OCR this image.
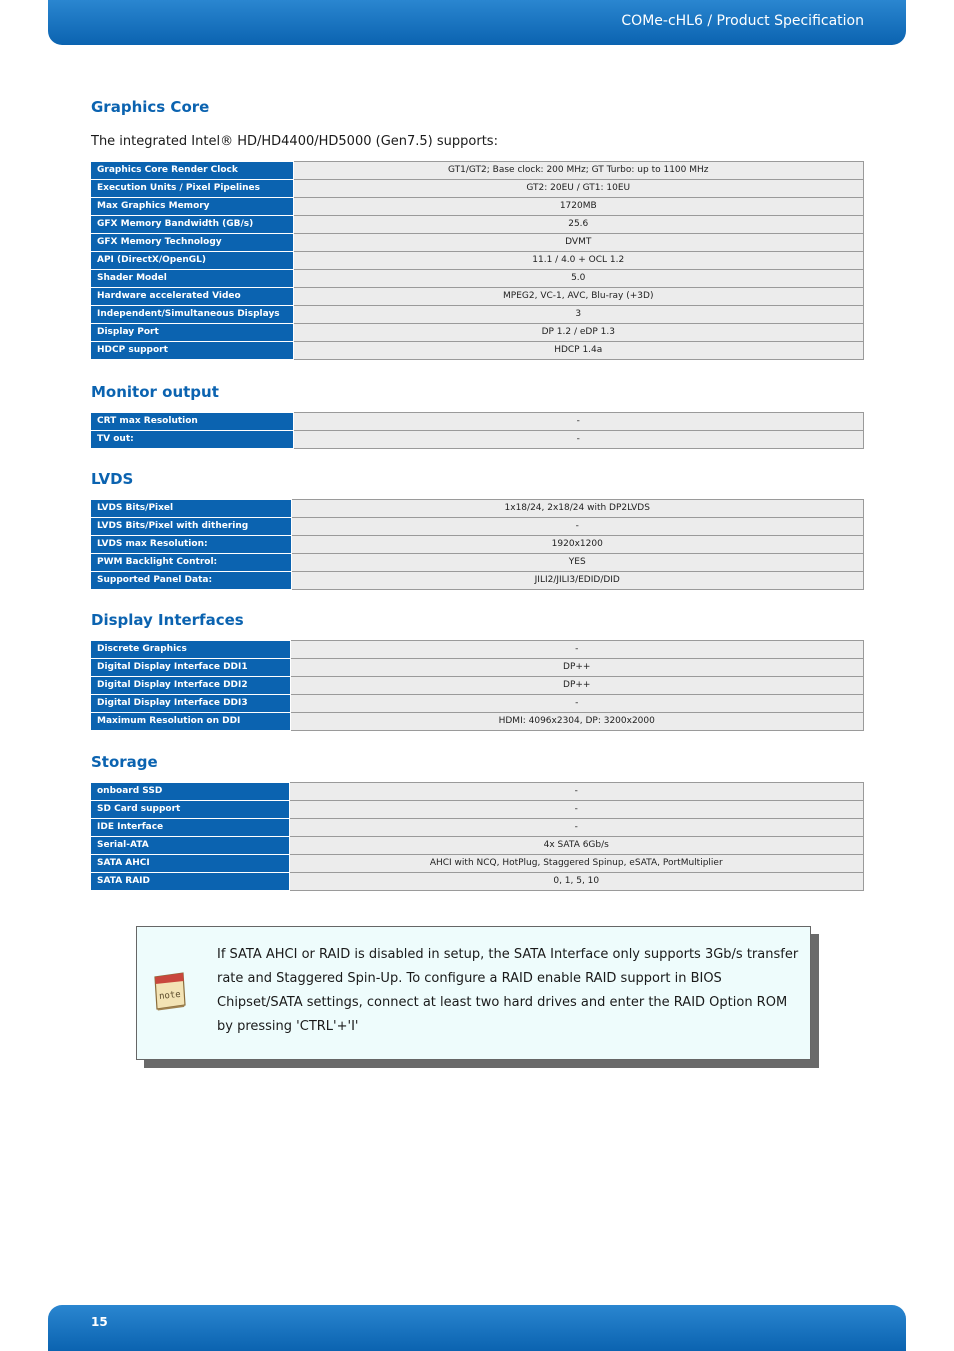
COMe-cHL6 / Product Specification
Graphics Core

The integrated Intel® HD/HD4400/HD5000 (Gen7.5) supports:

Graphics Core Render Clock	GT1/GT2; Base clock: 200 MHz; GT Turbo: up to 1100 MHz
Execution Units / Pixel Pipelines	GT2: 20EU / GT1: 10EU
Max Graphics Memory	1720MB
GFX Memory Bandwidth (GB/s)	25.6
GFX Memory Technology	DVMT
API (DirectX/OpenGL)	11.1 / 4.0 + OCL 1.2
Shader Model	5.0
Hardware accelerated Video	MPEG2, VC-1, AVC, Blu-ray (+3D)
Independent/Simultaneous Displays	3
Display Port	DP 1.2 / eDP 1.3
HDCP support	HDCP 1.4a
Monitor output
CRT max Resolution	-
TV out:	-
LVDS
LVDS Bits/Pixel	1x18/24, 2x18/24 with DP2LVDS
LVDS Bits/Pixel with dithering	-
LVDS max Resolution:	1920x1200
PWM Backlight Control:	YES
Supported Panel Data:	JILI2/JILI3/EDID/DID
Display Interfaces
Discrete Graphics	-
Digital Display Interface DDI1	DP++
Digital Display Interface DDI2	DP++
Digital Display Interface DDI3	-
Maximum Resolution on DDI	HDMI: 4096x2304, DP: 3200x2000
Storage
onboard SSD	-
SD Card support	-
IDE Interface	-
Serial-ATA	4x SATA 6Gb/s
SATA AHCI	AHCI with NCQ, HotPlug, Staggered Spinup, eSATA, PortMultiplier
SATA RAID	0, 1, 5, 10
note

If SATA AHCI or RAID is disabled in setup, the SATA Interface only supports 3Gb/s transfer rate and Staggered Spin-Up. To configure a RAID enable RAID support in BIOS Chipset/SATA settings, connect at least two hard drives and enter the RAID Option ROM by pressing 'CTRL'+'I'

15
